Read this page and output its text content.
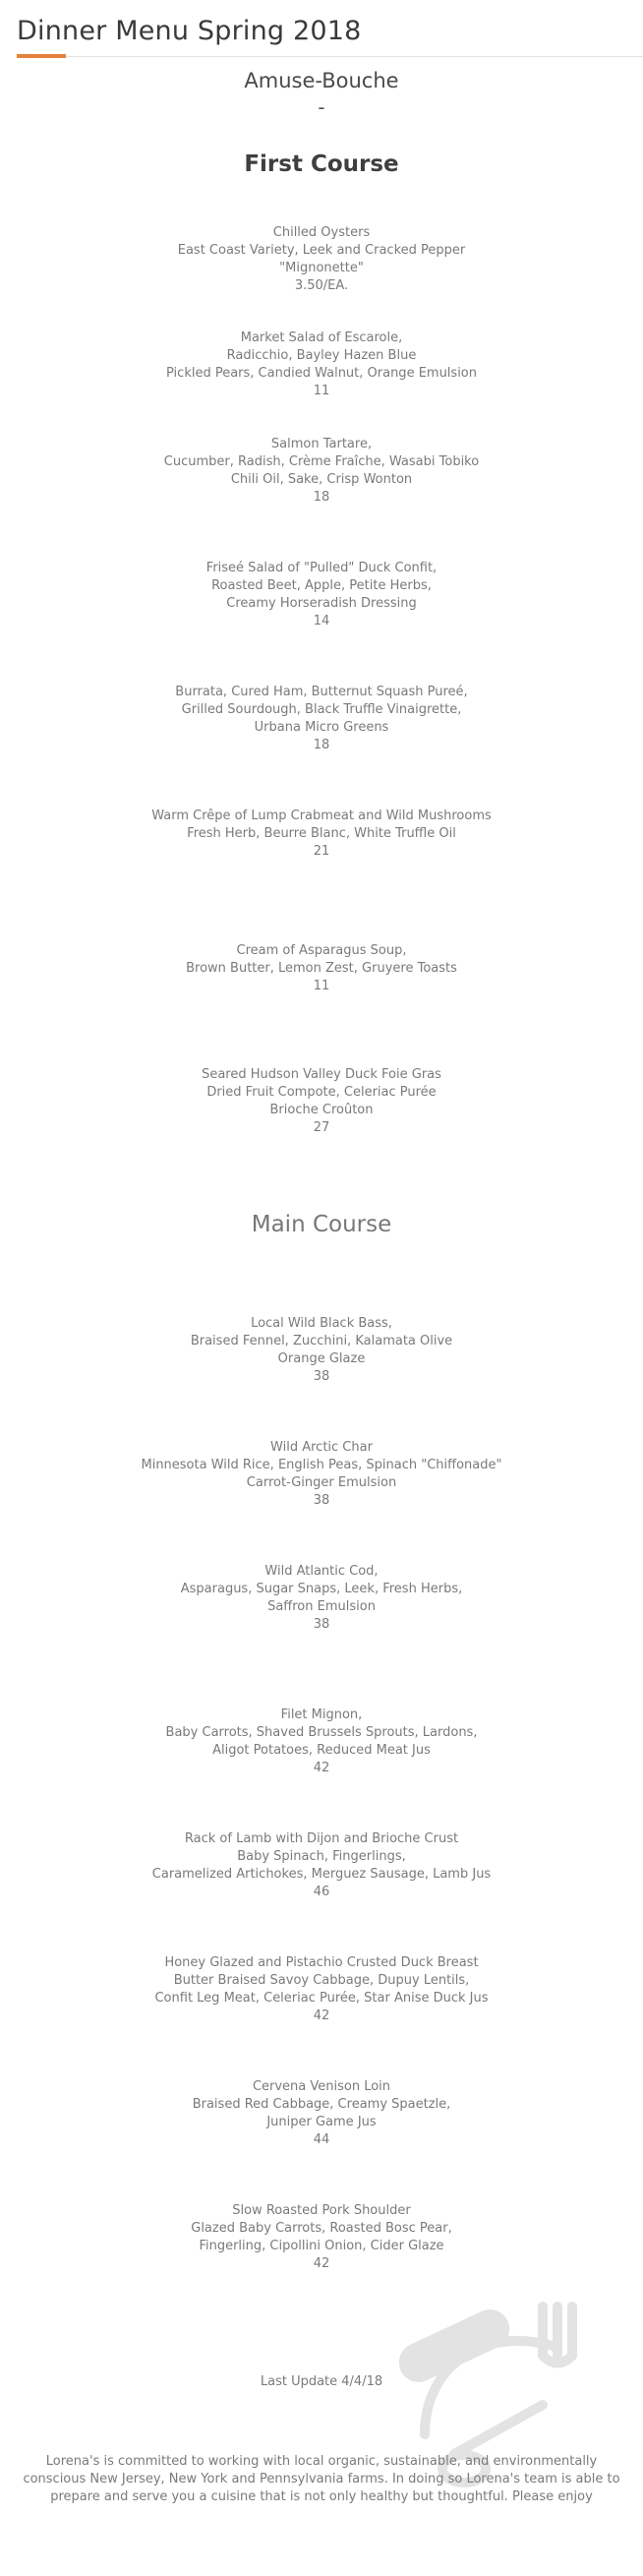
Dinner Menu Spring 2018
Amuse-Bouche
-
First Course
Chilled Oysters
East Coast Variety, Leek and Cracked Pepper
"Mignonette"
3.50/EA.
Market Salad of Escarole,
Radicchio, Bayley Hazen Blue
Pickled Pears, Candied Walnut, Orange Emulsion
11
Salmon Tartare,
Cucumber, Radish, Crème Fraîche, Wasabi Tobiko
Chili Oil, Sake, Crisp Wonton
18
Friseé Salad of "Pulled" Duck Confit,
Roasted Beet, Apple, Petite Herbs,
Creamy Horseradish Dressing
14
Burrata, Cured Ham, Butternut Squash Pureé,
Grilled Sourdough, Black Truffle Vinaigrette,
Urbana Micro Greens
18
Warm Crêpe of Lump Crabmeat and Wild Mushrooms
Fresh Herb, Beurre Blanc, White Truffle Oil
21
Cream of Asparagus Soup,
Brown Butter, Lemon Zest, Gruyere Toasts
11
Seared Hudson Valley Duck Foie Gras
Dried Fruit Compote, Celeriac Purée
Brioche Croûton
27
Main Course
Local Wild Black Bass,
Braised Fennel, Zucchini, Kalamata Olive
Orange Glaze
38
Wild Arctic Char
Minnesota Wild Rice, English Peas, Spinach "Chiffonade"
Carrot-Ginger Emulsion
38
Wild Atlantic Cod,
Asparagus, Sugar Snaps, Leek, Fresh Herbs,
Saffron Emulsion
38
Filet Mignon,
Baby Carrots, Shaved Brussels Sprouts, Lardons,
Aligot Potatoes, Reduced Meat Jus
42
Rack of Lamb with Dijon and Brioche Crust
Baby Spinach, Fingerlings,
Caramelized Artichokes, Merguez Sausage, Lamb Jus
46
Honey Glazed and Pistachio Crusted Duck Breast
Butter Braised Savoy Cabbage, Dupuy Lentils,
Confit Leg Meat, Celeriac Purée, Star Anise Duck Jus
42
Cervena Venison Loin
Braised Red Cabbage, Creamy Spaetzle,
Juniper Game Jus
44
Slow Roasted Pork Shoulder
Glazed Baby Carrots, Roasted Bosc Pear,
Fingerling, Cipollini Onion, Cider Glaze
42
Last Update 4/4/18
Lorena's is committed to working with local organic, sustainable, and environmentally conscious New Jersey, New York and Pennsylvania farms. In doing so Lorena's team is able to prepare and serve you a cuisine that is not only healthy but thoughtful. Please enjoy
